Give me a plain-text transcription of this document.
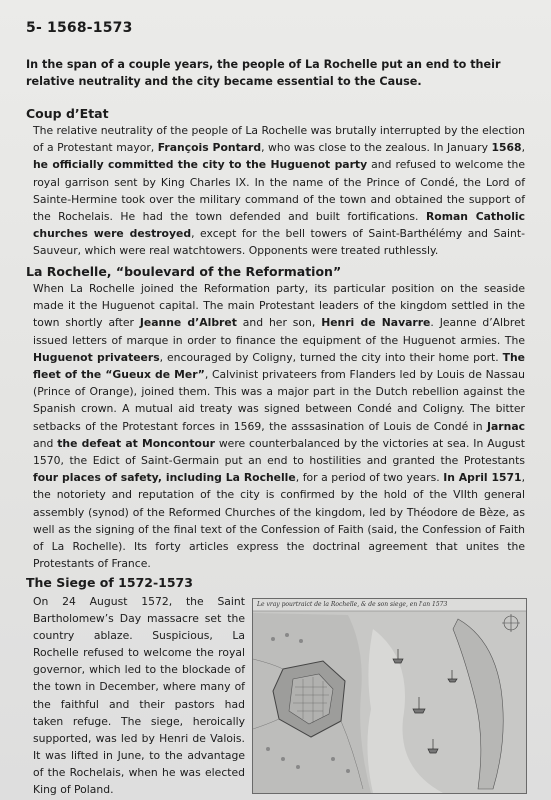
5- 1568-1573
In the span of a couple years, the people of La Rochelle put an end to their relative neutrality and the city became essential to the Cause.
Coup d’Etat
The relative neutrality of the people of La Rochelle was brutally interrupted by the election of a Protestant mayor, François Pontard, who was close to the zealous. In January 1568, he officially committed the city to the Huguenot party and refused to welcome the royal garrison sent by King Charles IX. In the name of the Prince of Condé, the Lord of Sainte-Hermine took over the military command of the town and obtained the support of the Rochelais. He had the town defended and built fortifications. Roman Catholic churches were destroyed, except for the bell towers of Saint-Barthélémy and Saint-Sauveur, which were real watchtowers. Opponents were treated ruthlessly.
La Rochelle, “boulevard of the Reformation”
When La Rochelle joined the Reformation party, its particular position on the seaside made it the Huguenot capital. The main Protestant leaders of the kingdom settled in the town shortly after Jeanne d’Albret and her son, Henri de Navarre. Jeanne d’Albret issued letters of marque in order to finance the equipment of the Huguenot armies. The Huguenot privateers, encouraged by Coligny, turned the city into their home port. The fleet of the “Gueux de Mer”, Calvinist privateers from Flanders led by Louis de Nassau (Prince of Orange), joined them. This was a major part in the Dutch rebellion against the Spanish crown. A mutual aid treaty was signed between Condé and Coligny. The bitter setbacks of the Protestant forces in 1569, the asssasination of Louis de Condé in Jarnac and the defeat at Moncontour were counterbalanced by the victories at sea. In August 1570, the Edict of Saint-Germain put an end to hostilities and granted the Protestants four places of safety, including La Rochelle, for a period of two years. In April 1571, the notoriety and reputation of the city is confirmed by the hold of the VIIth general assembly (synod) of the Reformed Churches of the kingdom, led by Théodore de Bèze, as well as the signing of the final text of the Confession of Faith (said, the Confession of Faith of La Rochelle). Its forty articles express the doctrinal agreement that unites the Protestants of France.
The Siege of 1572-1573
On 24 August 1572, the Saint Bartholomew’s Day massacre set the country ablaze. Suspicious, La Rochelle refused to welcome the royal governor, which led to the blockade of the town in December, where many of the faithful and their pastors had taken refuge. The siege, heroically supported, was led by Henri de Valois. It was lifted in June, to the advantage of the Rochelais, when he was elected King of Poland.
Le vray pourtraict de la Rochelle, & de son siege, en l'an 1573
